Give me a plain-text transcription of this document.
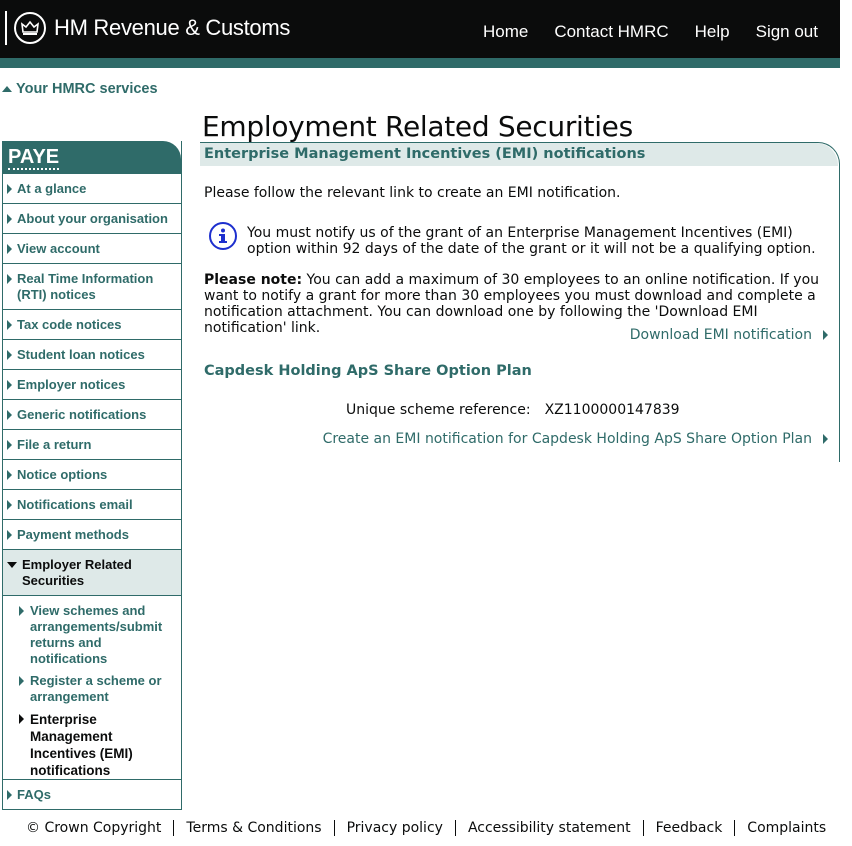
HM Revenue & Customs	Home Contact HMRC Help Sign out
Your HMRC services
PAYE
At a glance
About your organisation
View account
Real Time Information (RTI) notices
Tax code notices
Student loan notices
Employer notices
Generic notifications
File a return
Notice options
Notifications email
Payment methods
Employer Related Securities
View schemes and arrangements/submit returns and notifications
Register a scheme or arrangement
Enterprise Management Incentives (EMI) notifications
FAQs
Employment Related Securities
Enterprise Management Incentives (EMI) notifications
Please follow the relevant link to create an EMI notification.
You must notify us of the grant of an Enterprise Management Incentives (EMI) option within 92 days of the date of the grant or it will not be a qualifying option.
Please note: You can add a maximum of 30 employees to an online notification. If you want to notify a grant for more than 30 employees you must download and complete a notification attachment. You can download one by following the 'Download EMI notification' link.	Download EMI notification
Capdesk Holding ApS Share Option Plan
Unique scheme reference: XZ1100000147839
Create an EMI notification for Capdesk Holding ApS Share Option Plan
© Crown Copyright	Terms & Conditions	Privacy policy	Accessibility statement	Feedback	Complaints
